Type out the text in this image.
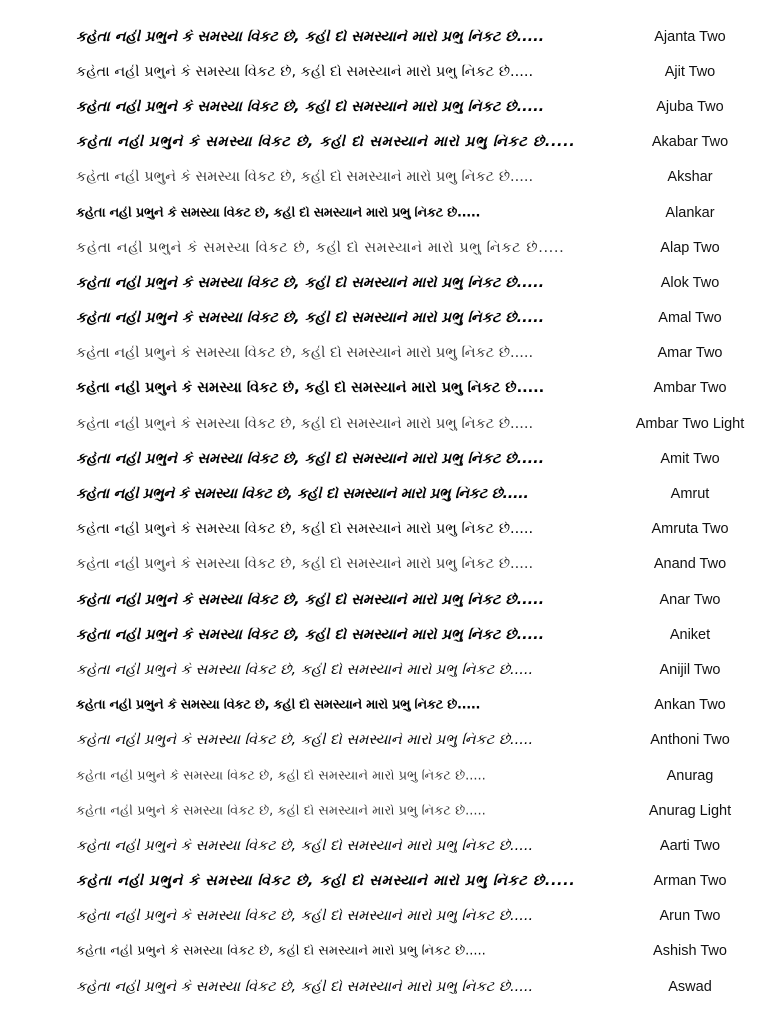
કહેતા નહી પ્રભુને કે સમસ્યા વિકટ છે, કહી દો સમસ્યાને મારો પ્રભુ નિકટ છે.....	Ajanta Two
કહેતા નહી પ્રભુને કે સમસ્યા વિકટ છે, કહી દો સમસ્યાને મારો પ્રભુ નિકટ છે.....	Ajit Two
કહેતા નહી પ્રભુને કે સમસ્યા વિકટ છે, કહી દો સમસ્યાને મારો પ્રભુ નિકટ છે.....	Ajuba Two
કહેતા નહી પ્રભુને કે સમસ્યા વિકટ છે, કહી દો સમસ્યાને મારો પ્રભુ નિકટ છે.....	Akabar Two
કહેતા નહી પ્રભુને કે સમસ્યા વિકટ છે, કહી દો સમસ્યાને મારો પ્રભુ નિકટ છે.....	Akshar
કહેતા નહી પ્રભુને કે સમસ્યા વિકટ છે, કહી દો સમસ્યાને મારો પ્રભુ નિકટ છે.....	Alankar
કહેતા નહી પ્રભુને કે સમસ્યા વિકટ છે, કહી દો સમસ્યાને મારો પ્રભુ નિકટ છે.....	Alap Two
કહેતા નહી પ્રભુને કે સમસ્યા વિકટ છે, કહી દો સમસ્યાને મારો પ્રભુ નિકટ છે.....	Alok Two
કહેતા નહી પ્રભુને કે સમસ્યા વિકટ છે, કહી દો સમસ્યાને મારો પ્રભુ નિકટ છે.....	Amal Two
કહેતા નહી પ્રભુને કે સમસ્યા વિકટ છે, કહી દો સમસ્યાને મારો પ્રભુ નિકટ છે.....	Amar Two
કહેતા નહી પ્રભુને કે સમસ્યા વિકટ છે, કહી દો સમસ્યાને મારો પ્રભુ નિકટ છે.....	Ambar Two
કહેતા નહી પ્રભુને કે સમસ્યા વિકટ છે, કહી દો સમસ્યાને મારો પ્રભુ નિકટ છે.....	Ambar Two Light
કહેતા નહી પ્રભુને કે સમસ્યા વિકટ છે, કહી દો સમસ્યાને મારો પ્રભુ નિકટ છે.....	Amit Two
કહેતા નહી પ્રભુને કે સમસ્યા વિકટ છે, કહી દો સમસ્યાને મારો પ્રભુ નિકટ છે.....	Amrut
કહેતા નહી પ્રભુને કે સમસ્યા વિકટ છે, કહી દો સમસ્યાને મારો પ્રભુ નિકટ છે.....	Amruta Two
કહેતા નહી પ્રભુને કે સમસ્યા વિકટ છે, કહી દો સમસ્યાને મારો પ્રભુ નિકટ છે.....	Anand Two
કહેતા નહી પ્રભુને કે સમસ્યા વિકટ છે, કહી દો સમસ્યાને મારો પ્રભુ નિકટ છે.....	Anar Two
કહેતા નહી પ્રભુને કે સમસ્યા વિકટ છે, કહી દો સમસ્યાને મારો પ્રભુ નિકટ છે.....	Aniket
કહેતા નહી પ્રભુને કે સમસ્યા વિકટ છે, કહી દો સમસ્યાને મારો પ્રભુ નિકટ છે.....	Anijil Two
કહેતા નહી પ્રભુને કે સમસ્યા વિકટ છે, કહી દો સમસ્યાને મારો પ્રભુ નિકટ છે.....	Ankan Two
કહેતા નહી પ્રભુને કે સમસ્યા વિકટ છે, કહી દો સમસ્યાને મારો પ્રભુ નિકટ છે.....	Anthoni Two
કહેતા નહી પ્રભુને કે સમસ્યા વિકટ છે, કહી દો સમસ્યાને મારો પ્રભુ નિકટ છે.....	Anurag
કહેતા નહી પ્રભુને કે સમસ્યા વિકટ છે, કહી દો સમસ્યાને મારો પ્રભુ નિકટ છે.....	Anurag Light
કહેતા નહી પ્રભુને કે સમસ્યા વિકટ છે, કહી દો સમસ્યાને મારો પ્રભુ નિકટ છે.....	Aarti Two
કહેતા નહી પ્રભુને કે સમસ્યા વિકટ છે, કહી દો સમસ્યાને મારો પ્રભુ નિકટ છે.....	Arman Two
કહેતા નહી પ્રભુને કે સમસ્યા વિકટ છે, કહી દો સમસ્યાને મારો પ્રભુ નિકટ છે.....	Arun Two
કહેતા નહી પ્રભુને કે સમસ્યા વિકટ છે, કહી દો સમસ્યાને મારો પ્રભુ નિકટ છે.....	Ashish Two
કહેતા નહી પ્રભુને કે સમસ્યા વિકટ છે, કહી દો સમસ્યાને મારો પ્રભુ નિકટ છે.....	Aswad
